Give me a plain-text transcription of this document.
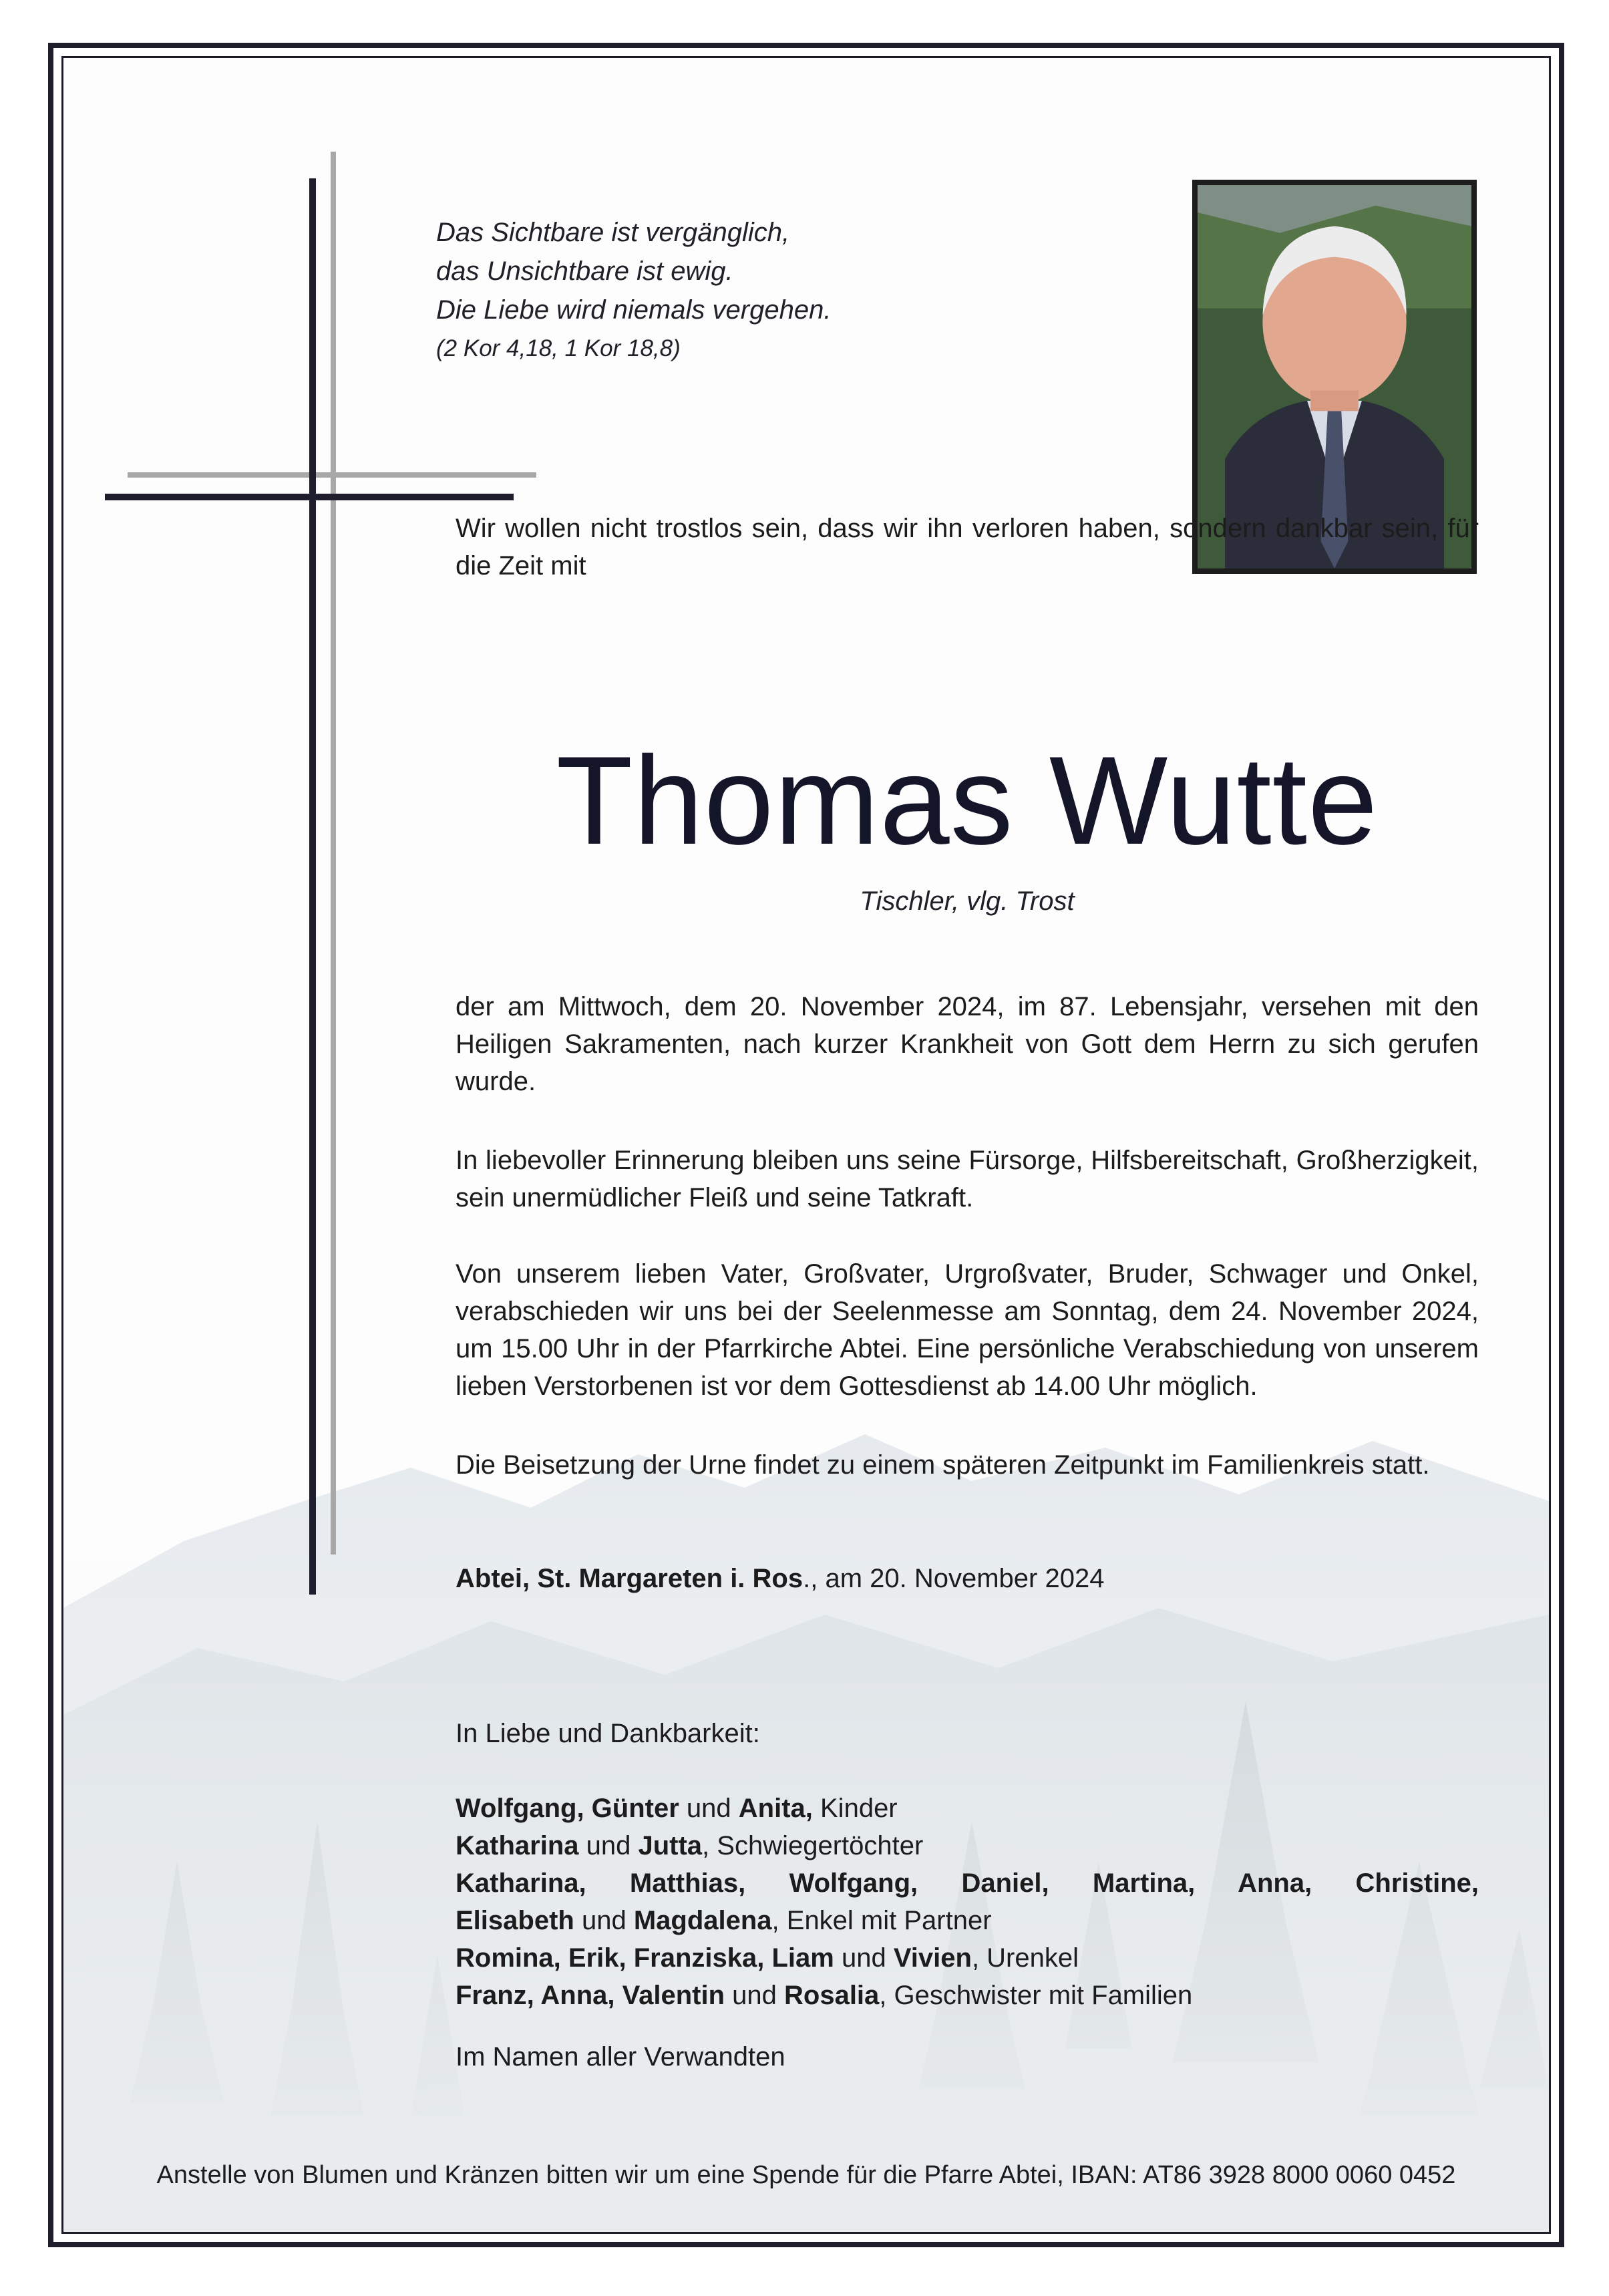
Das Sichtbare ist vergänglich,
das Unsichtbare ist ewig.
Die Liebe wird niemals vergehen.
(2 Kor 4,18, 1 Kor 18,8)
Wir wollen nicht trostlos sein, dass wir ihn verloren haben, sondern dankbar sein, für die Zeit mit
Thomas Wutte
Tischler, vlg. Trost
der am Mittwoch, dem 20. November 2024, im 87. Lebensjahr, versehen mit den Heiligen Sakramenten, nach kurzer Krankheit von Gott dem Herrn zu sich gerufen wurde.
In liebevoller Erinnerung bleiben uns seine Fürsorge, Hilfsbereitschaft, Großherzigkeit, sein unermüdlicher Fleiß und seine Tatkraft.
Von unserem lieben Vater, Großvater, Urgroßvater, Bruder, Schwager und Onkel, verabschieden wir uns bei der Seelenmesse am Sonntag, dem 24. November 2024, um 15.00 Uhr in der Pfarrkirche Abtei. Eine persönliche Verabschiedung von unserem lieben Verstorbenen ist vor dem Gottesdienst ab 14.00 Uhr möglich.
Die Beisetzung der Urne findet zu einem späteren Zeitpunkt im Familienkreis statt.
Abtei, St. Margareten i. Ros., am 20. November 2024
In Liebe und Dankbarkeit:
Wolfgang, Günter und Anita, Kinder
Katharina und Jutta, Schwiegertöchter
Katharina, Matthias, Wolfgang, Daniel, Martina, Anna, Christine,
Elisabeth und Magdalena, Enkel mit Partner
Romina, Erik, Franziska, Liam und Vivien, Urenkel
Franz, Anna, Valentin und Rosalia, Geschwister mit Familien
Im Namen aller Verwandten
Anstelle von Blumen und Kränzen bitten wir um eine Spende für die Pfarre Abtei, IBAN: AT86 3928 8000 0060 0452
